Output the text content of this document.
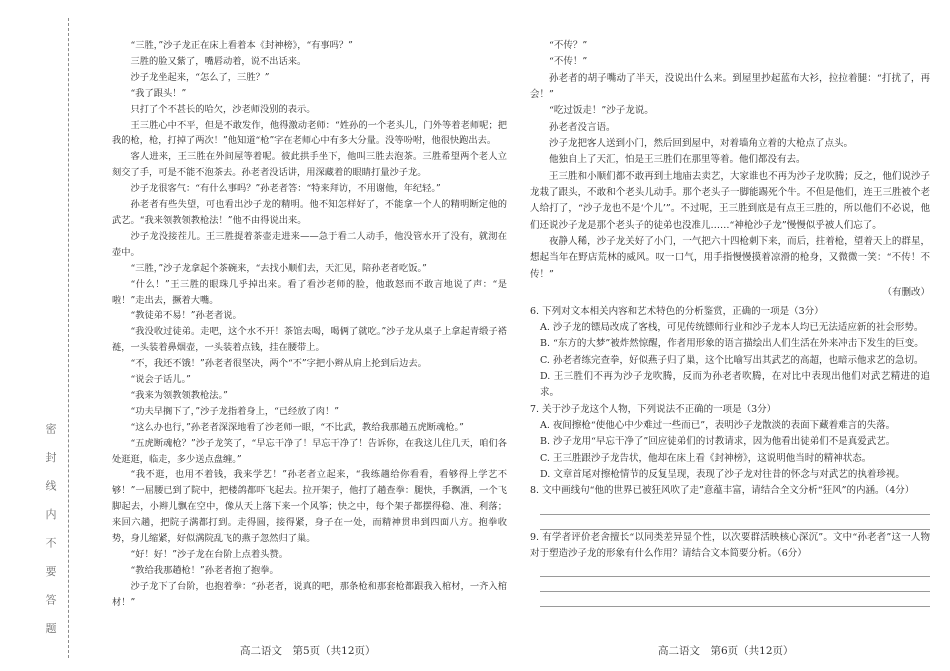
密 封 线 内 不 要 答 题

“三胜，”沙子龙正在床上看着本《封神榜》，“有事吗？”

三胜的脸又紫了，嘴唇动着，说不出话来。

沙子龙坐起来，“怎么了，三胜？”

“我了跟头！”

只打了个不甚长的哈欠，沙老师没别的表示。

王三胜心中不平，但是不敢发作，他得激动老师：“姓孙的一个老头儿，门外等着老师呢；把我的枪，枪，打掉了两次！”他知道“枪”字在老师心中有多大分量。没等吩咐，他很快跑出去。

客人进来，王三胜在外间屋等着呢。彼此拱手坐下，他叫三胜去泡茶。三胜希望两个老人立刻交了手，可是不能不泡茶去。孙老者没话讲，用深藏着的眼睛打量沙子龙。

沙子龙很客气：“有什么事吗？”孙老者答：“特来拜访，不用谢他，年纪轻。”

孙老者有些失望，可也看出沙子龙的精明。他不知怎样好了，不能拿一个人的精明断定他的武艺。“我来领教领教枪法！”他不由得说出来。

沙子龙没接茬儿。王三胜提着茶壶走进来——急于看二人动手，他没管水开了没有，就沏在壶中。

“三胜，”沙子龙拿起个茶碗来，“去找小顺们去，天汇见，陪孙老者吃饭。”

“什么！”王三胜的眼珠几乎掉出来。看了看沙老师的脸，他敢怒而不敢言地说了声：“是啦！”走出去，撅着大嘴。

“教徒弟不易！”孙老者说。

“我没收过徒弟。走吧，这个水不开！茶馆去喝，喝俩了就吃。”沙子龙从桌子上拿起青缎子褡裢，一头装着鼻烟壶，一头装着点钱，挂在腰带上。

“不，我还不饿！”孙老者很坚决，两个“不”字把小辫从肩上抡到后边去。

“说会子话儿。”

“我来为领教领教枪法。”

“功夫早搁下了，”沙子龙指着身上，“已经放了肉！”

“这么办也行，”孙老者深深地看了沙老师一眼，“不比武，教给我那趟五虎断魂枪。”

“五虎断魂枪？”沙子龙笑了，“早忘干净了！早忘干净了！告诉你，在我这儿住几天，咱们各处逛逛，临走，多少送点盘缠。”

“我不逛，也用不着钱，我来学艺！”孙老者立起来，“我练趟给你看看，看够得上学艺不够！”一屈腰已到了院中，把楼鸽都吓飞起去。拉开架子，他打了趟查拳：腿快，手飘洒，一个飞脚起去，小辫儿飘在空中，像从天上落下来一个风筝；快之中，每个架子都摆得稳、准、利落；来回六趟，把院子满都打到。走得圆，接得紧，身子在一处，而精神贯串到四面八方。抱拳收势，身儿缩紧，好似满院乱飞的燕子忽然归了巢。

“好！好！”沙子龙在台阶上点着头赞。

“教给我那趟枪！”孙老者抱了抱拳。

沙子龙下了台阶，也抱着拳：“孙老者，说真的吧，那条枪和那套枪都跟我入棺材，一齐入棺材！”

“不传？”

“不传！”

孙老者的胡子嘴动了半天，没说出什么来。到屋里抄起蓝布大衫，拉拉着腿：“打扰了，再会！”

“吃过饭走！”沙子龙说。

孙老者没言语。

沙子龙把客人送到小门，然后回到屋中，对着墙角立着的大枪点了点头。

他独自上了天汇，怕是王三胜们在那里等着。他们都没有去。

王三胜和小顺们都不敢再到土地庙去卖艺，大家谁也不再为沙子龙吹腾；反之，他们说沙子龙栽了跟头，不敢和个老头儿动手。那个老头子一脚能踢死个牛。不但是他们，连王三胜被个老人给打了，“沙子龙也不是‘个儿’”。不过呢，王三胜到底是有点王三胜的，所以他们不必说，他们还说沙子龙是那个老头子的徒弟也没准儿……“神枪沙子龙”慢慢似乎被人们忘了。

夜静人稀，沙子龙关好了小门，一气把六十四枪刺下来，而后，拄着枪，望着天上的群星，想起当年在野店荒林的威风。叹一口气，用手指慢慢摸着凉滑的枪身，又微微一笑：“不传！不传！”

（有删改）
6. 下列对文本相关内容和艺术特色的分析鉴赏，正确的一项是（3分）
A. 沙子龙的镖局改成了客栈，可见传统镖师行业和沙子龙本人均已无法适应新的社会形势。
B. “东方的大梦”被炸然惊醒，作者用形象的语言描绘出人们生活在外来冲击下发生的巨变。
C. 孙老者练完查拳，好似燕子归了巢，这个比喻写出其武艺的高超，也暗示他求艺的急切。
D. 王三胜们不再为沙子龙吹腾，反而为孙老者吹腾，在对比中表现出他们对武艺精进的追求。
7. 关于沙子龙这个人物，下列说法不正确的一项是（3分）
A. 夜间擦枪“使他心中少难过一些而已”，表明沙子龙散淡的表面下藏着难言的失落。
B. 沙子龙用“早忘干净了”回应徒弟们的讨教请求，因为他看出徒弟们不是真爱武艺。
C. 王三胜跟沙子龙告状，他却在床上看《封神榜》，这说明他当时的精神状态。
D. 文章首尾对擦枪情节的反复呈现，表现了沙子龙对往昔的怀念与对武艺的执着珍视。
8. 文中画线句“他的世界已被狂风吹了走”意蕴丰富，请结合全文分析“狂风”的内涵。（4分）
9. 有学者评价老舍擅长“以同类差异显个性，以次要群活映核心深沉”。文中“孙老者”这一人物对于塑造沙子龙的形象有什么作用？请结合文本简要分析。（6分）
高二语文　第5页（共12页）	高二语文　第6页（共12页）
